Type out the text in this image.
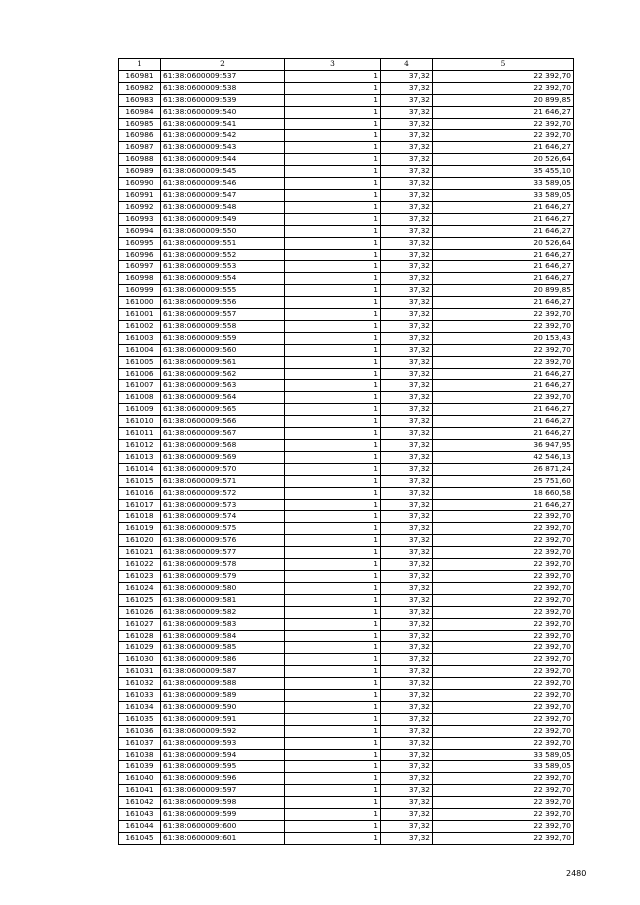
1	2	3	4	5
160981	61:38:0600009:537	1	37,32	22 392,70
160982	61:38:0600009:538	1	37,32	22 392,70
160983	61:38:0600009:539	1	37,32	20 899,85
160984	61:38:0600009:540	1	37,32	21 646,27
160985	61:38:0600009:541	1	37,32	22 392,70
160986	61:38:0600009:542	1	37,32	22 392,70
160987	61:38:0600009:543	1	37,32	21 646,27
160988	61:38:0600009:544	1	37,32	20 526,64
160989	61:38:0600009:545	1	37,32	35 455,10
160990	61:38:0600009:546	1	37,32	33 589,05
160991	61:38:0600009:547	1	37,32	33 589,05
160992	61:38:0600009:548	1	37,32	21 646,27
160993	61:38:0600009:549	1	37,32	21 646,27
160994	61:38:0600009:550	1	37,32	21 646,27
160995	61:38:0600009:551	1	37,32	20 526,64
160996	61:38:0600009:552	1	37,32	21 646,27
160997	61:38:0600009:553	1	37,32	21 646,27
160998	61:38:0600009:554	1	37,32	21 646,27
160999	61:38:0600009:555	1	37,32	20 899,85
161000	61:38:0600009:556	1	37,32	21 646,27
161001	61:38:0600009:557	1	37,32	22 392,70
161002	61:38:0600009:558	1	37,32	22 392,70
161003	61:38:0600009:559	1	37,32	20 153,43
161004	61:38:0600009:560	1	37,32	22 392,70
161005	61:38:0600009:561	1	37,32	22 392,70
161006	61:38:0600009:562	1	37,32	21 646,27
161007	61:38:0600009:563	1	37,32	21 646,27
161008	61:38:0600009:564	1	37,32	22 392,70
161009	61:38:0600009:565	1	37,32	21 646,27
161010	61:38:0600009:566	1	37,32	21 646,27
161011	61:38:0600009:567	1	37,32	21 646,27
161012	61:38:0600009:568	1	37,32	36 947,95
161013	61:38:0600009:569	1	37,32	42 546,13
161014	61:38:0600009:570	1	37,32	26 871,24
161015	61:38:0600009:571	1	37,32	25 751,60
161016	61:38:0600009:572	1	37,32	18 660,58
161017	61:38:0600009:573	1	37,32	21 646,27
161018	61:38:0600009:574	1	37,32	22 392,70
161019	61:38:0600009:575	1	37,32	22 392,70
161020	61:38:0600009:576	1	37,32	22 392,70
161021	61:38:0600009:577	1	37,32	22 392,70
161022	61:38:0600009:578	1	37,32	22 392,70
161023	61:38:0600009:579	1	37,32	22 392,70
161024	61:38:0600009:580	1	37,32	22 392,70
161025	61:38:0600009:581	1	37,32	22 392,70
161026	61:38:0600009:582	1	37,32	22 392,70
161027	61:38:0600009:583	1	37,32	22 392,70
161028	61:38:0600009:584	1	37,32	22 392,70
161029	61:38:0600009:585	1	37,32	22 392,70
161030	61:38:0600009:586	1	37,32	22 392,70
161031	61:38:0600009:587	1	37,32	22 392,70
161032	61:38:0600009:588	1	37,32	22 392,70
161033	61:38:0600009:589	1	37,32	22 392,70
161034	61:38:0600009:590	1	37,32	22 392,70
161035	61:38:0600009:591	1	37,32	22 392,70
161036	61:38:0600009:592	1	37,32	22 392,70
161037	61:38:0600009:593	1	37,32	22 392,70
161038	61:38:0600009:594	1	37,32	33 589,05
161039	61:38:0600009:595	1	37,32	33 589,05
161040	61:38:0600009:596	1	37,32	22 392,70
161041	61:38:0600009:597	1	37,32	22 392,70
161042	61:38:0600009:598	1	37,32	22 392,70
161043	61:38:0600009:599	1	37,32	22 392,70
161044	61:38:0600009:600	1	37,32	22 392,70
161045	61:38:0600009:601	1	37,32	22 392,70
2480
